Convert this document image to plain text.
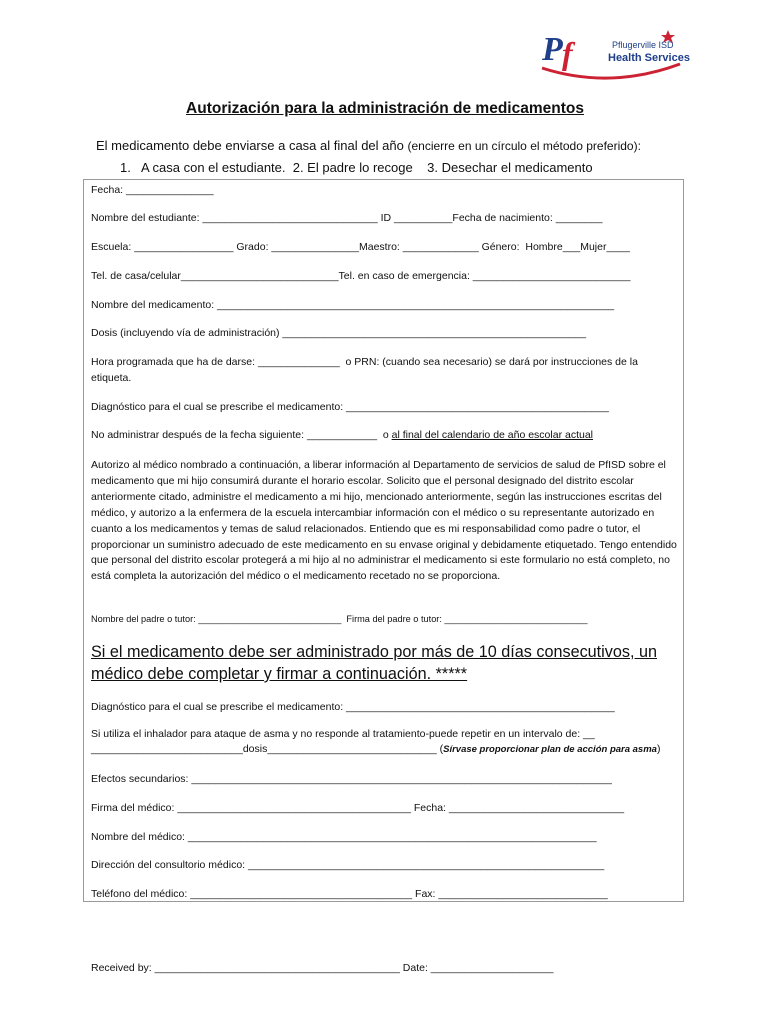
P f	Pflugerville ISD
Health Services
Autorización para la administración de medicamentos
El medicamento debe enviarse a casa al final del año (encierre en un círculo el método preferido):
1.   A casa con el estudiante.  2. El padre lo recoge    3. Desechar el medicamento
Fecha: _______________
Nombre del estudiante: ______________________________ ID __________Fecha de nacimiento: ________
Escuela: _________________ Grado: _______________Maestro: _____________ Género:  Hombre___Mujer____
Tel. de casa/celular___________________________Tel. en caso de emergencia: ___________________________
Nombre del medicamento: ____________________________________________________________________
Dosis (incluyendo vía de administración) ____________________________________________________
Hora programada que ha de darse: ______________  o PRN: (cuando sea necesario) se dará por instrucciones de la
etiqueta.
Diagnóstico para el cual se prescribe el medicamento: _____________________________________________
No administrar después de la fecha siguiente: ____________  o al final del calendario de año escolar actual
Autorizo al médico nombrado a continuación, a liberar información al Departamento de servicios de salud de PfISD sobre el medicamento que mi hijo consumirá durante el horario escolar. Solicito que el personal designado del distrito escolar anteriormente citado, administre el medicamento a mi hijo, mencionado anteriormente, según las instrucciones escritas del médico, y autorizo a la enfermera de la escuela intercambiar información con el médico o su representante autorizado en cuanto a los medicamentos y temas de salud relacionados. Entiendo que es mi responsabilidad como padre o tutor, el proporcionar un suministro adecuado de este medicamento en su envase original y debidamente etiquetado. Tengo entendido que personal del distrito escolar protegerá a mi hijo al no administrar el medicamento si este formulario no está completo, no está completa la autorización del médico o el medicamento recetado no se proporciona.
Nombre del padre o tutor: ____________________________  Firma del padre o tutor: ____________________________
Si el medicamento debe ser administrado por más de 10 días consecutivos, un médico debe completar y firmar a continuación. *****
Diagnóstico para el cual se prescribe el medicamento: ______________________________________________
Si utiliza el inhalador para ataque de asma y no responde al tratamiento-puede repetir en un intervalo de: __
__________________________dosis_____________________________ (Sírvase proporcionar plan de acción para asma)
Efectos secundarios: ________________________________________________________________________
Firma del médico: ________________________________________ Fecha: ______________________________
Nombre del médico: ______________________________________________________________________
Dirección del consultorio médico: _____________________________________________________________
Teléfono del médico: ______________________________________ Fax: _____________________________
Received by: __________________________________________ Date: _____________________
